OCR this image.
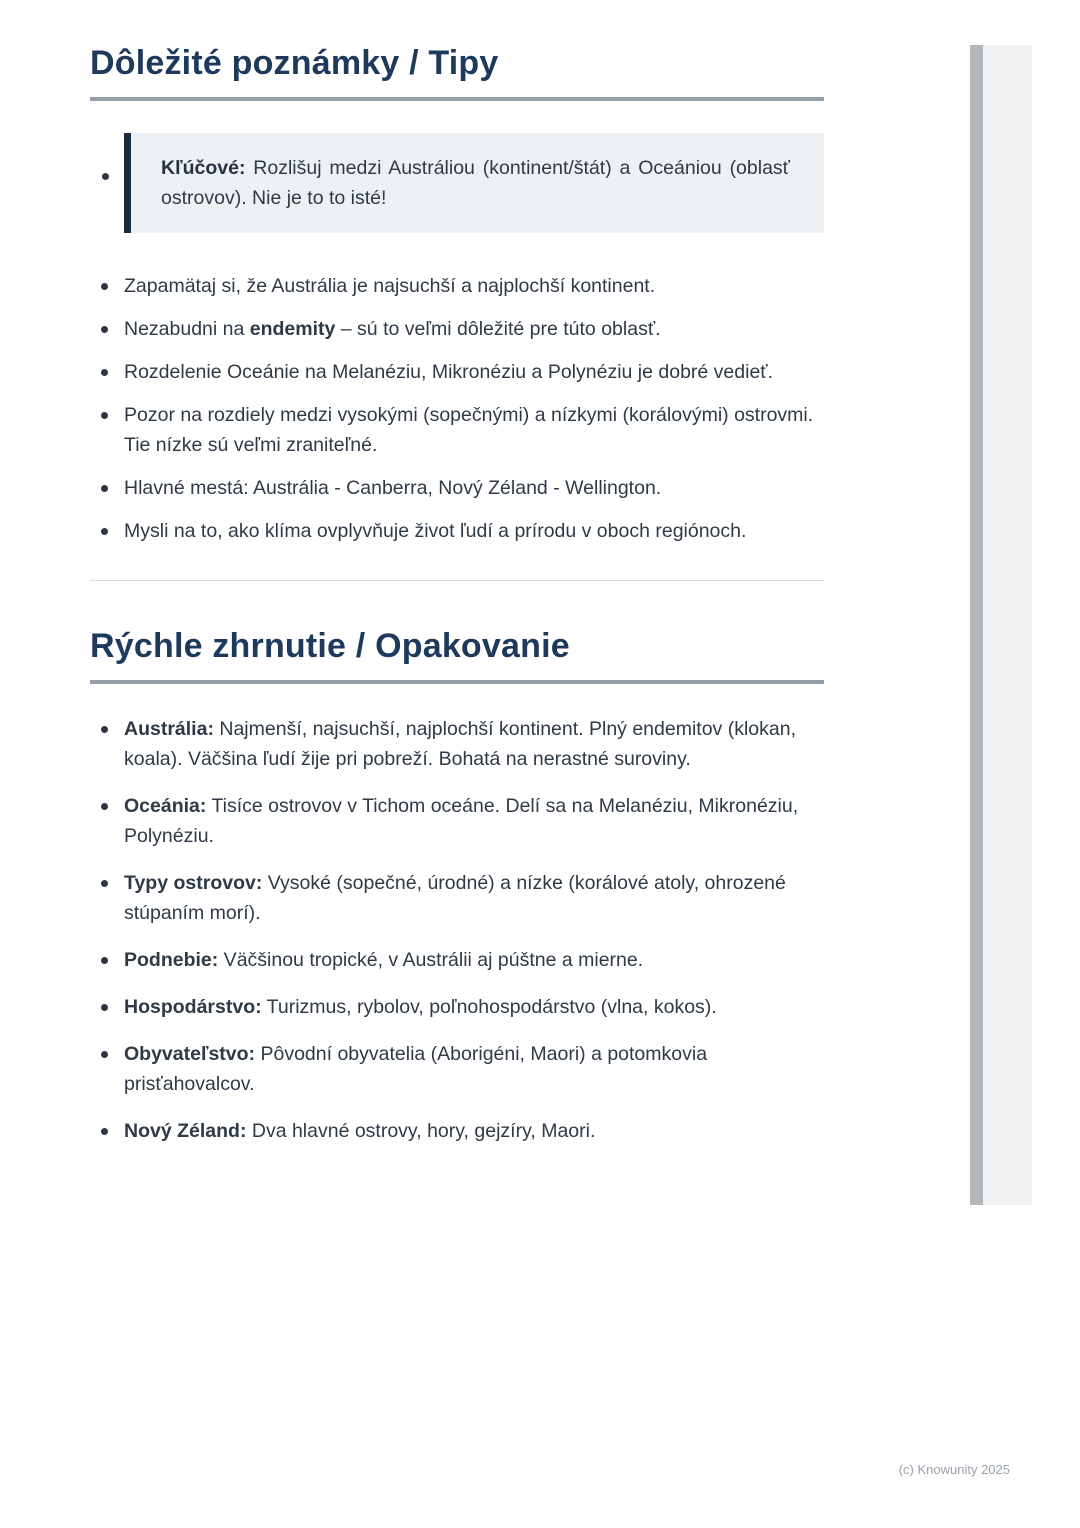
Dôležité poznámky / Tipy
Kľúčové: Rozlišuj medzi Austráliou (kontinent/štát) a Oceániou (oblasť ostrovov). Nie je to to isté!
Zapamätaj si, že Austrália je najsuchší a najplochší kontinent.
Nezabudni na endemity – sú to veľmi dôležité pre túto oblasť.
Rozdelenie Oceánie na Melanéziu, Mikronéziu a Polynéziu je dobré vedieť.
Pozor na rozdiely medzi vysokými (sopečnými) a nízkymi (korálovými) ostrovmi. Tie nízke sú veľmi zraniteľné.
Hlavné mestá: Austrália - Canberra, Nový Zéland - Wellington.
Mysli na to, ako klíma ovplyvňuje život ľudí a prírodu v oboch regiónoch.
Rýchle zhrnutie / Opakovanie
Austrália: Najmenší, najsuchší, najplochší kontinent. Plný endemitov (klokan, koala). Väčšina ľudí žije pri pobreží. Bohatá na nerastné suroviny.
Oceánia: Tisíce ostrovov v Tichom oceáne. Delí sa na Melanéziu, Mikronéziu, Polynéziu.
Typy ostrovov: Vysoké (sopečné, úrodné) a nízke (korálové atoly, ohrozené stúpaním morí).
Podnebie: Väčšinou tropické, v Austrálii aj púštne a mierne.
Hospodárstvo: Turizmus, rybolov, poľnohospodárstvo (vlna, kokos).
Obyvateľstvo: Pôvodní obyvatelia (Aborigéni, Maori) a potomkovia prisťahovalcov.
Nový Zéland: Dva hlavné ostrovy, hory, gejzíry, Maori.
(c) Knowunity 2025
